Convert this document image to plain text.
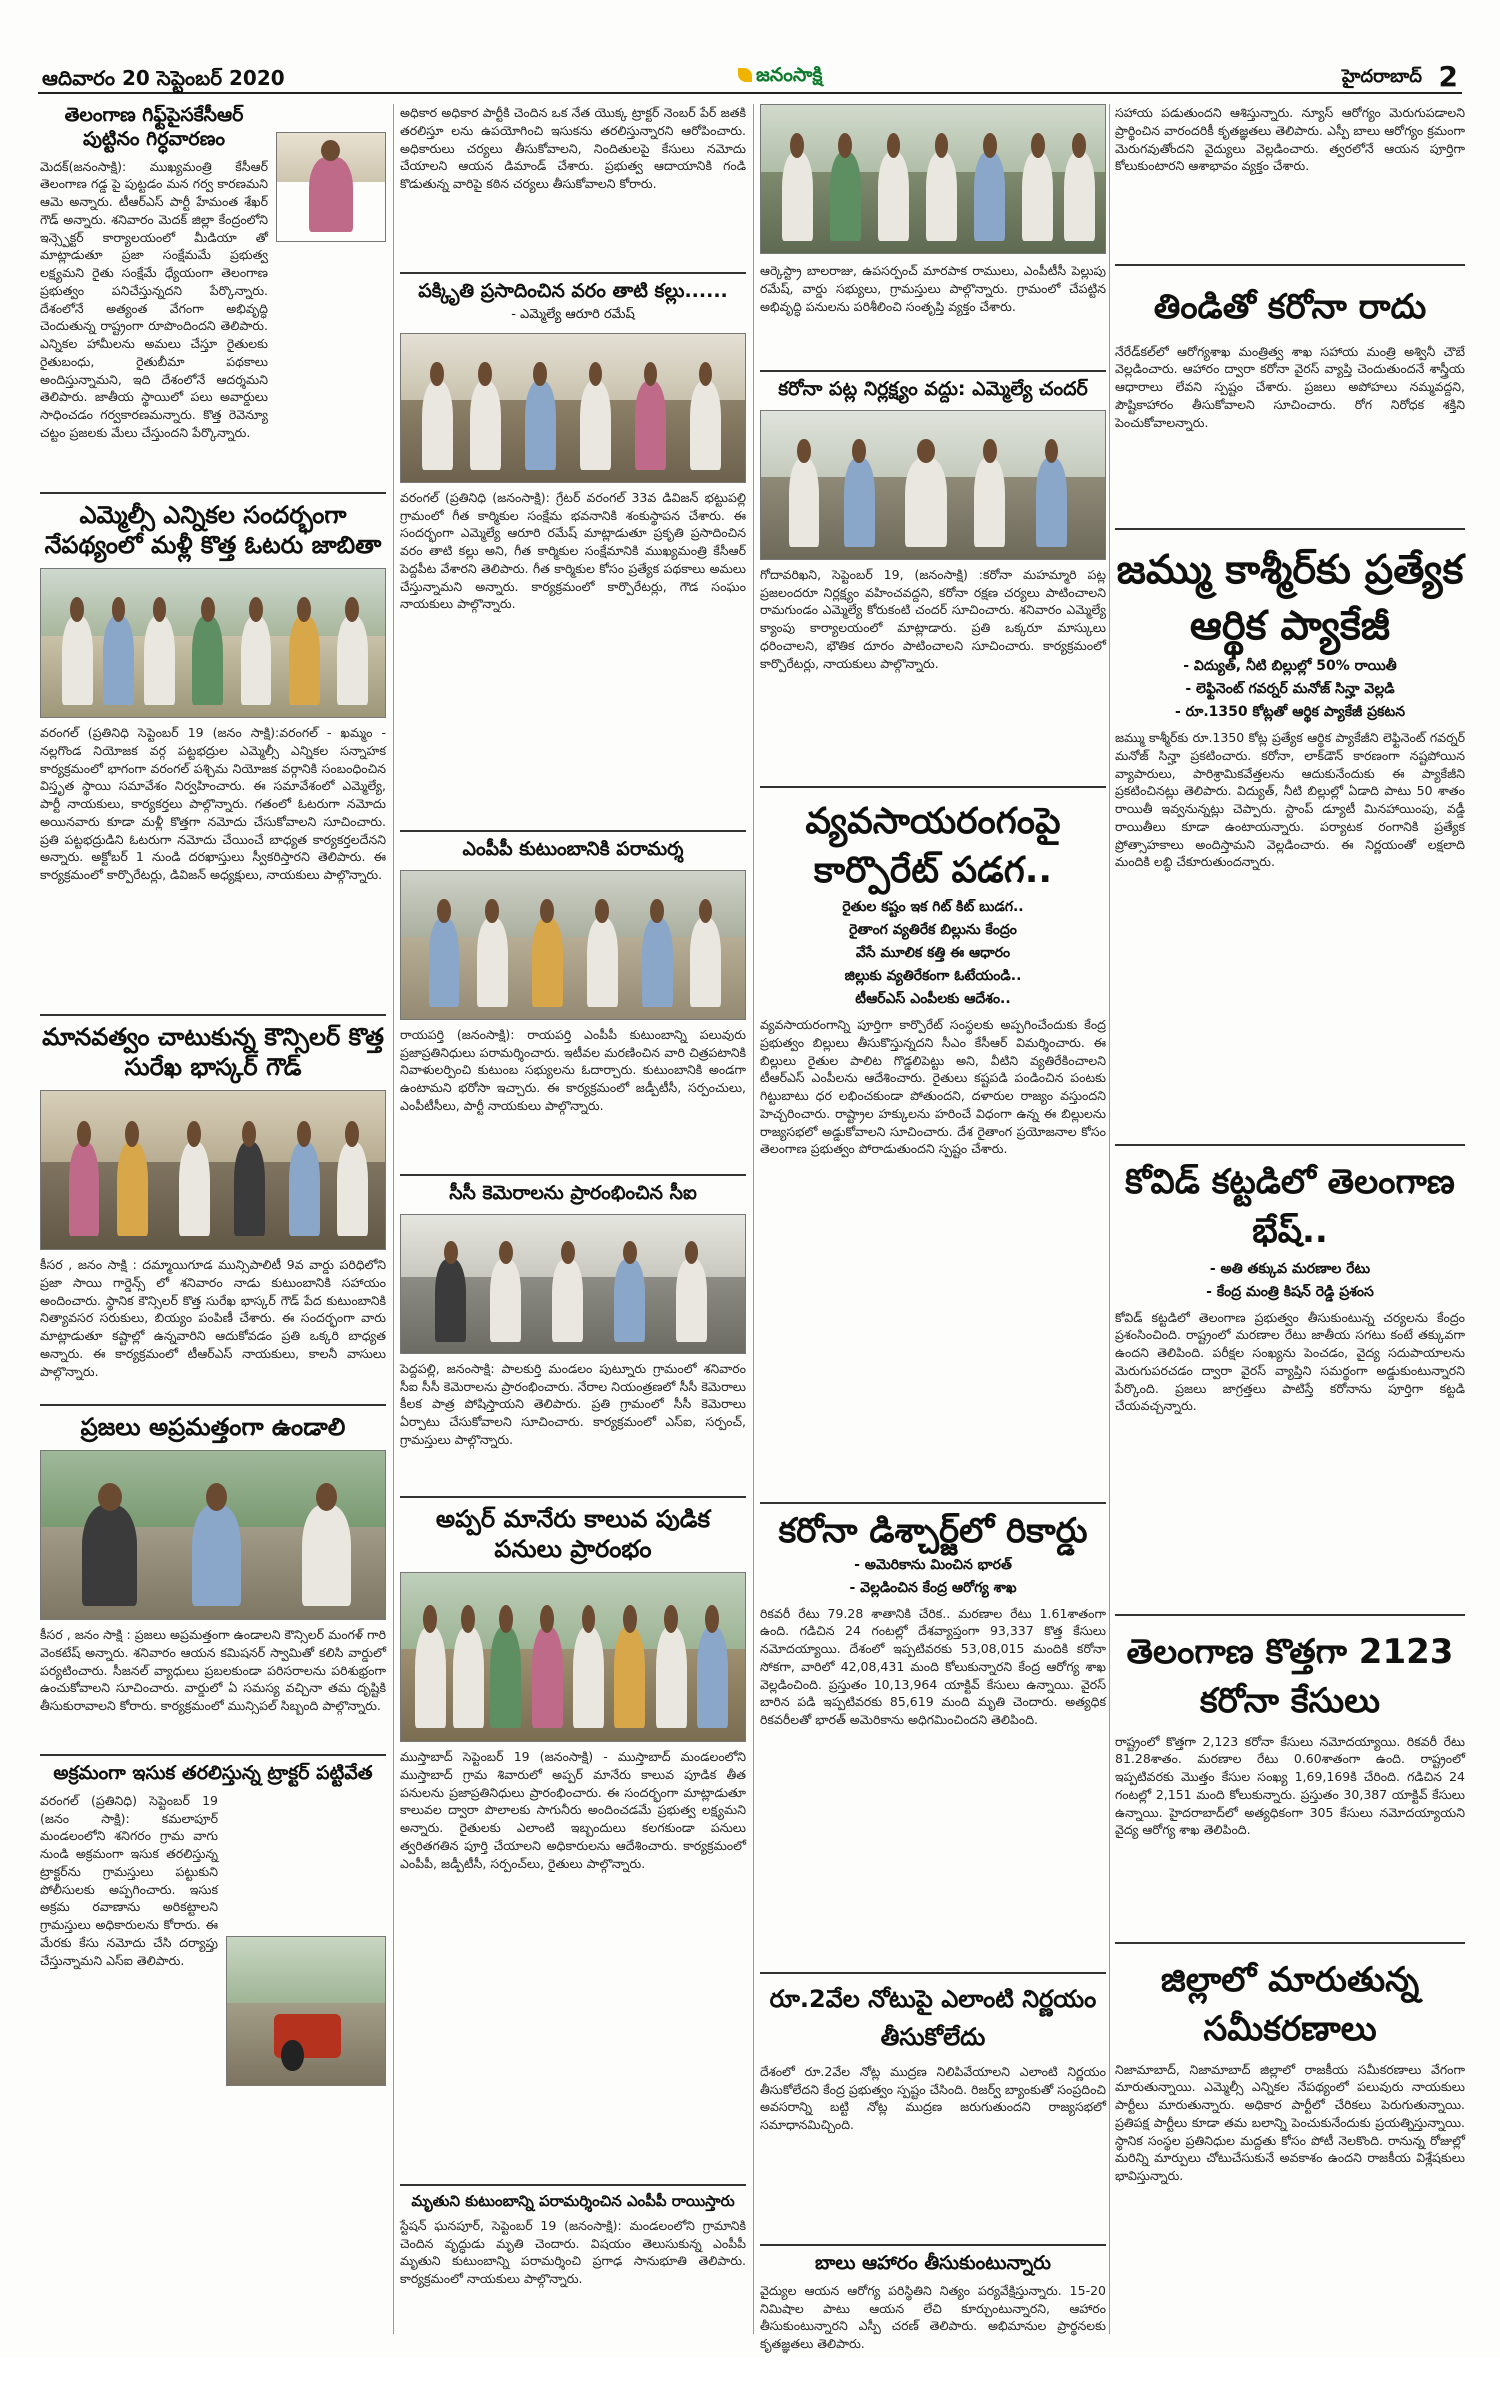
ఆదివారం 20 సెప్టెంబర్ 2020	జనంసాక్షి	హైదరాబాద్ 2
తెలంగాణ గిఫ్ట్‌పైసకేసీఆర్ పుట్టినం గిర్ధవారణం
మెదక్‌(జనంసాక్షి): ముఖ్యమంత్రి కేసీఆర్ తెలంగాణ గడ్డ పై పుట్టడం మన గర్వ కారణమని ఆమె అన్నారు. టీఆర్ఎస్ పార్టీ హేమంత శేఖర్ గౌడ్ అన్నారు. శనివారం మెదక్ జిల్లా కేంద్రంలోని ఇన్స్పెక్టర్ కార్యాలయంలో మీడియా తో మాట్లాడుతూ ప్రజా సంక్షేమమే ప్రభుత్వ లక్ష్యమని రైతు సంక్షేమే ధ్యేయంగా తెలంగాణ ప్రభుత్వం పనిచేస్తున్నదని పేర్కొన్నారు. దేశంలోనే అత్యంత వేగంగా అభివృద్ధి చెందుతున్న రాష్ట్రంగా రూపొందిందని తెలిపారు. ఎన్నికల హామీలను అమలు చేస్తూ రైతులకు రైతుబంధు, రైతుబీమా పథకాలు అందిస్తున్నామని, ఇది దేశంలోనే ఆదర్శమని తెలిపారు. జాతీయ స్థాయిలో పలు అవార్డులు సాధించడం గర్వకారణమన్నారు. కొత్త రెవెన్యూ చట్టం ప్రజలకు మేలు చేస్తుందని పేర్కొన్నారు.
ఎమ్మెల్సీ ఎన్నికల సందర్భంగా నేపథ్యంలో మళ్లీ కొత్త ఓటరు జాబితా
వరంగల్ (ప్రతినిధి సెప్టెంబర్ 19 (జనం సాక్షి):వరంగల్ - ఖమ్మం - నల్లగొండ నియోజక వర్గ పట్టభద్రుల ఎమ్మెల్సీ ఎన్నికల సన్నాహక కార్యక్రమంలో భాగంగా వరంగల్ పశ్చిమ నియోజక వర్గానికి సంబంధించిన విస్తృత స్థాయి సమావేశం నిర్వహించారు. ఈ సమావేశంలో ఎమ్మెల్యే, పార్టీ నాయకులు, కార్యకర్తలు పాల్గొన్నారు. గతంలో ఓటరుగా నమోదు అయినవారు కూడా మళ్లీ కొత్తగా నమోదు చేసుకోవాలని సూచించారు. ప్రతి పట్టభద్రుడిని ఓటరుగా నమోదు చేయించే బాధ్యత కార్యకర్తలదేనని అన్నారు. అక్టోబర్ 1 నుండి దరఖాస్తులు స్వీకరిస్తారని తెలిపారు. ఈ కార్యక్రమంలో కార్పొరేటర్లు, డివిజన్ అధ్యక్షులు, నాయకులు పాల్గొన్నారు.
మానవత్వం చాటుకున్న కౌన్సిలర్ కొత్త సురేఖ భాస్కర్ గౌడ్
కీసర , జనం సాక్షి : దమ్మాయిగూడ మున్సిపాలిటీ 9వ వార్డు పరిధిలోని ప్రజా సాయి గార్డెన్స్ లో శనివారం నాడు కుటుంబానికి సహాయం అందించారు. స్థానిక కౌన్సిలర్ కొత్త సురేఖ భాస్కర్ గౌడ్ పేద కుటుంబానికి నిత్యావసర సరుకులు, బియ్యం పంపిణీ చేశారు. ఈ సందర్భంగా వారు మాట్లాడుతూ కష్టాల్లో ఉన్నవారిని ఆదుకోవడం ప్రతి ఒక్కరి బాధ్యత అన్నారు. ఈ కార్యక్రమంలో టీఆర్ఎస్ నాయకులు, కాలనీ వాసులు పాల్గొన్నారు.
ప్రజలు అప్రమత్తంగా ఉండాలి
కీసర , జనం సాక్షి : ప్రజలు అప్రమత్తంగా ఉండాలని కౌన్సిలర్ మంగళ్ గారి వెంకటేష్ అన్నారు. శనివారం ఆయన కమిషనర్ స్వామితో కలిసి వార్డులో పర్యటించారు. సీజనల్ వ్యాధులు ప్రబలకుండా పరిసరాలను పరిశుభ్రంగా ఉంచుకోవాలని సూచించారు. వార్డులో ఏ సమస్య వచ్చినా తమ దృష్టికి తీసుకురావాలని కోరారు. కార్యక్రమంలో మున్సిపల్ సిబ్బంది పాల్గొన్నారు.
అక్రమంగా ఇసుక తరలిస్తున్న ట్రాక్టర్ పట్టివేత
వరంగల్ (ప్రతినిధి) సెప్టెంబర్ 19 (జనం సాక్షి): కమలాపూర్ మండలంలోని శనిగరం గ్రామ వాగు నుండి అక్రమంగా ఇసుక తరలిస్తున్న ట్రాక్టర్‌ను గ్రామస్తులు పట్టుకుని పోలీసులకు అప్పగించారు. ఇసుక అక్రమ రవాణాను అరికట్టాలని గ్రామస్తులు అధికారులను కోరారు. ఈ మేరకు కేసు నమోదు చేసి దర్యాప్తు చేస్తున్నామని ఎస్ఐ తెలిపారు.
అధికార అధికార పార్టీకి చెందిన ఒక నేత యొక్క ట్రాక్టర్ నెంబర్ పేర్ జతకి తరలిస్తూ లను ఉపయోగించి ఇసుకను తరలిస్తున్నారని ఆరోపించారు. అధికారులు చర్యలు తీసుకోవాలని, నిందితులపై కేసులు నమోదు చేయాలని ఆయన డిమాండ్ చేశారు. ప్రభుత్వ ఆదాయానికి గండి కొడుతున్న వారిపై కఠిన చర్యలు తీసుకోవాలని కోరారు.
పక్కిృతి ప్రసాదించిన వరం తాటి కల్లు......
- ఎమ్మెల్యే ఆరూరి రమేష్
వరంగల్ (ప్రతినిధి (జనంసాక్షి): గ్రేటర్ వరంగల్ 33వ డివిజన్ భట్టుపల్లి గ్రామంలో గీత కార్మికుల సంక్షేమ భవనానికి శంకుస్థాపన చేశారు. ఈ సందర్భంగా ఎమ్మెల్యే ఆరూరి రమేష్ మాట్లాడుతూ ప్రకృతి ప్రసాదించిన వరం తాటి కల్లు అని, గీత కార్మికుల సంక్షేమానికి ముఖ్యమంత్రి కేసీఆర్ పెద్దపీట వేశారని తెలిపారు. గీత కార్మికుల కోసం ప్రత్యేక పథకాలు అమలు చేస్తున్నామని అన్నారు. కార్యక్రమంలో కార్పొరేటర్లు, గౌడ సంఘం నాయకులు పాల్గొన్నారు.
ఎంపీపీ కుటుంబానికి పరామర్శ
రాయపర్తి (జనంసాక్షి): రాయపర్తి ఎంపీపీ కుటుంబాన్ని పలువురు ప్రజాప్రతినిధులు పరామర్శించారు. ఇటీవల మరణించిన వారి చిత్రపటానికి నివాళులర్పించి కుటుంబ సభ్యులను ఓదార్చారు. కుటుంబానికి అండగా ఉంటామని భరోసా ఇచ్చారు. ఈ కార్యక్రమంలో జడ్పీటీసీ, సర్పంచులు, ఎంపీటీసీలు, పార్టీ నాయకులు పాల్గొన్నారు.
సీసీ కెమెరాలను ప్రారంభించిన సీఐ
పెద్దపల్లి, జనంసాక్షి: పాలకుర్తి మండలం పుట్నూరు గ్రామంలో శనివారం సీఐ సీసీ కెమెరాలను ప్రారంభించారు. నేరాల నియంత్రణలో సీసీ కెమెరాలు కీలక పాత్ర పోషిస్తాయని తెలిపారు. ప్రతి గ్రామంలో సీసీ కెమెరాలు ఏర్పాటు చేసుకోవాలని సూచించారు. కార్యక్రమంలో ఎస్ఐ, సర్పంచ్, గ్రామస్తులు పాల్గొన్నారు.
అప్పర్ మానేరు కాలువ పుడిక పనులు ప్రారంభం
ముస్తాబాద్ సెప్టెంబర్ 19 (జనంసాక్షి) - ముస్తాబాద్ మండలంలోని ముస్తాబాద్ గ్రామ శివారులో అప్పర్ మానేరు కాలువ పూడిక తీత పనులను ప్రజాప్రతినిధులు ప్రారంభించారు. ఈ సందర్భంగా మాట్లాడుతూ కాలువల ద్వారా పొలాలకు సాగునీరు అందించడమే ప్రభుత్వ లక్ష్యమని అన్నారు. రైతులకు ఎలాంటి ఇబ్బందులు కలగకుండా పనులు త్వరితగతిన పూర్తి చేయాలని అధికారులను ఆదేశించారు. కార్యక్రమంలో ఎంపీపీ, జడ్పీటీసీ, సర్పంచ్‌లు, రైతులు పాల్గొన్నారు.
మృతుని కుటుంబాన్ని పరామర్శించిన ఎంపీపీ రాయిస్తారు
స్టేషన్ ఘనపూర్, సెప్టెంబర్ 19 (జనంసాక్షి): మండలంలోని గ్రామానికి చెందిన వృద్ధుడు మృతి చెందారు. విషయం తెలుసుకున్న ఎంపీపీ మృతుని కుటుంబాన్ని పరామర్శించి ప్రగాఢ సానుభూతి తెలిపారు. కార్యక్రమంలో నాయకులు పాల్గొన్నారు.
ఆర్కెస్ట్రా బాలరాజు, ఉపసర్పంచ్ మారపాక రాములు, ఎంపీటీసీ పెల్లుపు రమేష్, వార్డు సభ్యులు, గ్రామస్తులు పాల్గొన్నారు. గ్రామంలో చేపట్టిన అభివృద్ధి పనులను పరిశీలించి సంతృప్తి వ్యక్తం చేశారు.
కరోనా పట్ల నిర్లక్ష్యం వద్దు: ఎమ్మెల్యే చందర్
గోదావరిఖని, సెప్టెంబర్ 19, (జనంసాక్షి) :కరోనా మహమ్మారి పట్ల ప్రజలందరూ నిర్లక్ష్యం వహించవద్దని, కరోనా రక్షణ చర్యలు పాటించాలని రామగుండం ఎమ్మెల్యే కోరుకంటి చందర్ సూచించారు. శనివారం ఎమ్మెల్యే క్యాంపు కార్యాలయంలో మాట్లాడారు. ప్రతి ఒక్కరూ మాస్కులు ధరించాలని, భౌతిక దూరం పాటించాలని సూచించారు. కార్యక్రమంలో కార్పొరేటర్లు, నాయకులు పాల్గొన్నారు.
వ్యవసాయరంగంపై కార్పొరేట్ పడగ..
రైతుల కష్టం ఇక గిట్ కిట్ బుడగ..
రైతాంగ వ్యతిరేక బిల్లును కేంద్రం
వేసే మూలిక కత్తి ఈ ఆధారం
జిల్లుకు వ్యతిరేకంగా ఓటేయండి..
టీఆర్ఎస్ ఎంపీలకు ఆదేశం..
వ్యవసాయరంగాన్ని పూర్తిగా కార్పొరేట్ సంస్థలకు అప్పగించేందుకు కేంద్ర ప్రభుత్వం బిల్లులు తీసుకొస్తున్నదని సీఎం కేసీఆర్ విమర్శించారు. ఈ బిల్లులు రైతుల పాలిట గొడ్డలిపెట్టు అని, వీటిని వ్యతిరేకించాలని టీఆర్ఎస్ ఎంపీలను ఆదేశించారు. రైతులు కష్టపడి పండించిన పంటకు గిట్టుబాటు ధర లభించకుండా పోతుందని, దళారుల రాజ్యం వస్తుందని హెచ్చరించారు. రాష్ట్రాల హక్కులను హరించే విధంగా ఉన్న ఈ బిల్లులను రాజ్యసభలో అడ్డుకోవాలని సూచించారు. దేశ రైతాంగ ప్రయోజనాల కోసం తెలంగాణ ప్రభుత్వం పోరాడుతుందని స్పష్టం చేశారు.
కరోనా డిశ్చార్జ్‌లో రికార్డు
- అమెరికాను మించిన భారత్
- వెల్లడించిన కేంద్ర ఆరోగ్య శాఖ
రికవరీ రేటు 79.28 శాతానికి చేరిక.. మరణాల రేటు 1.61శాతంగా ఉంది. గడిచిన 24 గంటల్లో దేశవ్యాప్తంగా 93,337 కొత్త కేసులు నమోదయ్యాయి. దేశంలో ఇప్పటివరకు 53,08,015 మందికి కరోనా సోకగా, వారిలో 42,08,431 మంది కోలుకున్నారని కేంద్ర ఆరోగ్య శాఖ వెల్లడించింది. ప్రస్తుతం 10,13,964 యాక్టివ్ కేసులు ఉన్నాయి. వైరస్ బారిన పడి ఇప్పటివరకు 85,619 మంది మృతి చెందారు. అత్యధిక రికవరీలతో భారత్ అమెరికాను అధిగమించిందని తెలిపింది.
రూ.2వేల నోటుపై ఎలాంటి నిర్ణయం తీసుకోలేదు
దేశంలో రూ.2వేల నోట్ల ముద్రణ నిలిపివేయాలని ఎలాంటి నిర్ణయం తీసుకోలేదని కేంద్ర ప్రభుత్వం స్పష్టం చేసింది. రిజర్వ్ బ్యాంకుతో సంప్రదించి అవసరాన్ని బట్టి నోట్ల ముద్రణ జరుగుతుందని రాజ్యసభలో సమాధానమిచ్చింది.
బాలు ఆహారం తీసుకుంటున్నారు
వైద్యుల ఆయన ఆరోగ్య పరిస్థితిని నిత్యం పర్యవేక్షిస్తున్నారు. 15-20 నిమిషాల పాటు ఆయన లేచి కూర్చుంటున్నారని, ఆహారం తీసుకుంటున్నారని ఎస్పీ చరణ్ తెలిపారు. అభిమానుల ప్రార్థనలకు కృతజ్ఞతలు తెలిపారు.
సహాయ పడుతుందని ఆశిస్తున్నారు. న్యూస్ ఆరోగ్యం మెరుగుపడాలని ప్రార్థించిన వారందరికీ కృతజ్ఞతలు తెలిపారు. ఎస్పీ బాలు ఆరోగ్యం క్రమంగా మెరుగవుతోందని వైద్యులు వెల్లడించారు. త్వరలోనే ఆయన పూర్తిగా కోలుకుంటారని ఆశాభావం వ్యక్తం చేశారు.
తిండితో కరోనా రాదు
నేరేడ్‌కల్‌లో ఆరోగ్యశాఖ మంత్రిత్వ శాఖ సహాయ మంత్రి అశ్వినీ చౌబే వెల్లడించారు. ఆహారం ద్వారా కరోనా వైరస్ వ్యాప్తి చెందుతుందనే శాస్త్రీయ ఆధారాలు లేవని స్పష్టం చేశారు. ప్రజలు అపోహలు నమ్మవద్దని, పౌష్టికాహారం తీసుకోవాలని సూచించారు. రోగ నిరోధక శక్తిని పెంచుకోవాలన్నారు.
జమ్ము కాశ్మీర్‌కు ప్రత్యేక ఆర్థిక ప్యాకేజీ
- విద్యుత్, నీటి బిల్లుల్లో 50% రాయితీ
- లెఫ్టినెంట్ గవర్నర్ మనోజ్ సిన్హా వెల్లడి
- రూ.1350 కోట్లతో ఆర్థిక ప్యాకేజీ ప్రకటన
జమ్ము కాశ్మీర్‌కు రూ.1350 కోట్ల ప్రత్యేక ఆర్థిక ప్యాకేజీని లెఫ్టినెంట్ గవర్నర్ మనోజ్ సిన్హా ప్రకటించారు. కరోనా, లాక్‌డౌన్ కారణంగా నష్టపోయిన వ్యాపారులు, పారిశ్రామికవేత్తలను ఆదుకునేందుకు ఈ ప్యాకేజీని ప్రకటించినట్లు తెలిపారు. విద్యుత్, నీటి బిల్లుల్లో ఏడాది పాటు 50 శాతం రాయితీ ఇవ్వనున్నట్లు చెప్పారు. స్టాంప్ డ్యూటీ మినహాయింపు, వడ్డీ రాయితీలు కూడా ఉంటాయన్నారు. పర్యాటక రంగానికి ప్రత్యేక ప్రోత్సాహకాలు అందిస్తామని వెల్లడించారు. ఈ నిర్ణయంతో లక్షలాది మందికి లబ్ధి చేకూరుతుందన్నారు.
కోవిడ్ కట్టడిలో తెలంగాణ భేష్..
- అతి తక్కువ మరణాల రేటు
- కేంద్ర మంత్రి కిషన్ రెడ్డి ప్రశంస
కోవిడ్ కట్టడిలో తెలంగాణ ప్రభుత్వం తీసుకుంటున్న చర్యలను కేంద్రం ప్రశంసించింది. రాష్ట్రంలో మరణాల రేటు జాతీయ సగటు కంటే తక్కువగా ఉందని తెలిపింది. పరీక్షల సంఖ్యను పెంచడం, వైద్య సదుపాయాలను మెరుగుపరచడం ద్వారా వైరస్ వ్యాప్తిని సమర్థంగా అడ్డుకుంటున్నారని పేర్కొంది. ప్రజలు జాగ్రత్తలు పాటిస్తే కరోనాను పూర్తిగా కట్టడి చేయవచ్చన్నారు.
తెలంగాణ కొత్తగా 2123 కరోనా కేసులు
రాష్ట్రంలో కొత్తగా 2,123 కరోనా కేసులు నమోదయ్యాయి. రికవరీ రేటు 81.28శాతం. మరణాల రేటు 0.60శాతంగా ఉంది. రాష్ట్రంలో ఇప్పటివరకు మొత్తం కేసుల సంఖ్య 1,69,169కి చేరింది. గడిచిన 24 గంటల్లో 2,151 మంది కోలుకున్నారు. ప్రస్తుతం 30,387 యాక్టివ్ కేసులు ఉన్నాయి. హైదరాబాద్‌లో అత్యధికంగా 305 కేసులు నమోదయ్యాయని వైద్య ఆరోగ్య శాఖ తెలిపింది.
జిల్లాలో మారుతున్న సమీకరణాలు
నిజామాబాద్, నిజామాబాద్ జిల్లాలో రాజకీయ సమీకరణాలు వేగంగా మారుతున్నాయి. ఎమ్మెల్సీ ఎన్నికల నేపథ్యంలో పలువురు నాయకులు పార్టీలు మారుతున్నారు. అధికార పార్టీలో చేరికలు పెరుగుతున్నాయి. ప్రతిపక్ష పార్టీలు కూడా తమ బలాన్ని పెంచుకునేందుకు ప్రయత్నిస్తున్నాయి. స్థానిక సంస్థల ప్రతినిధుల మద్దతు కోసం పోటీ నెలకొంది. రానున్న రోజుల్లో మరిన్ని మార్పులు చోటుచేసుకునే అవకాశం ఉందని రాజకీయ విశ్లేషకులు భావిస్తున్నారు.
